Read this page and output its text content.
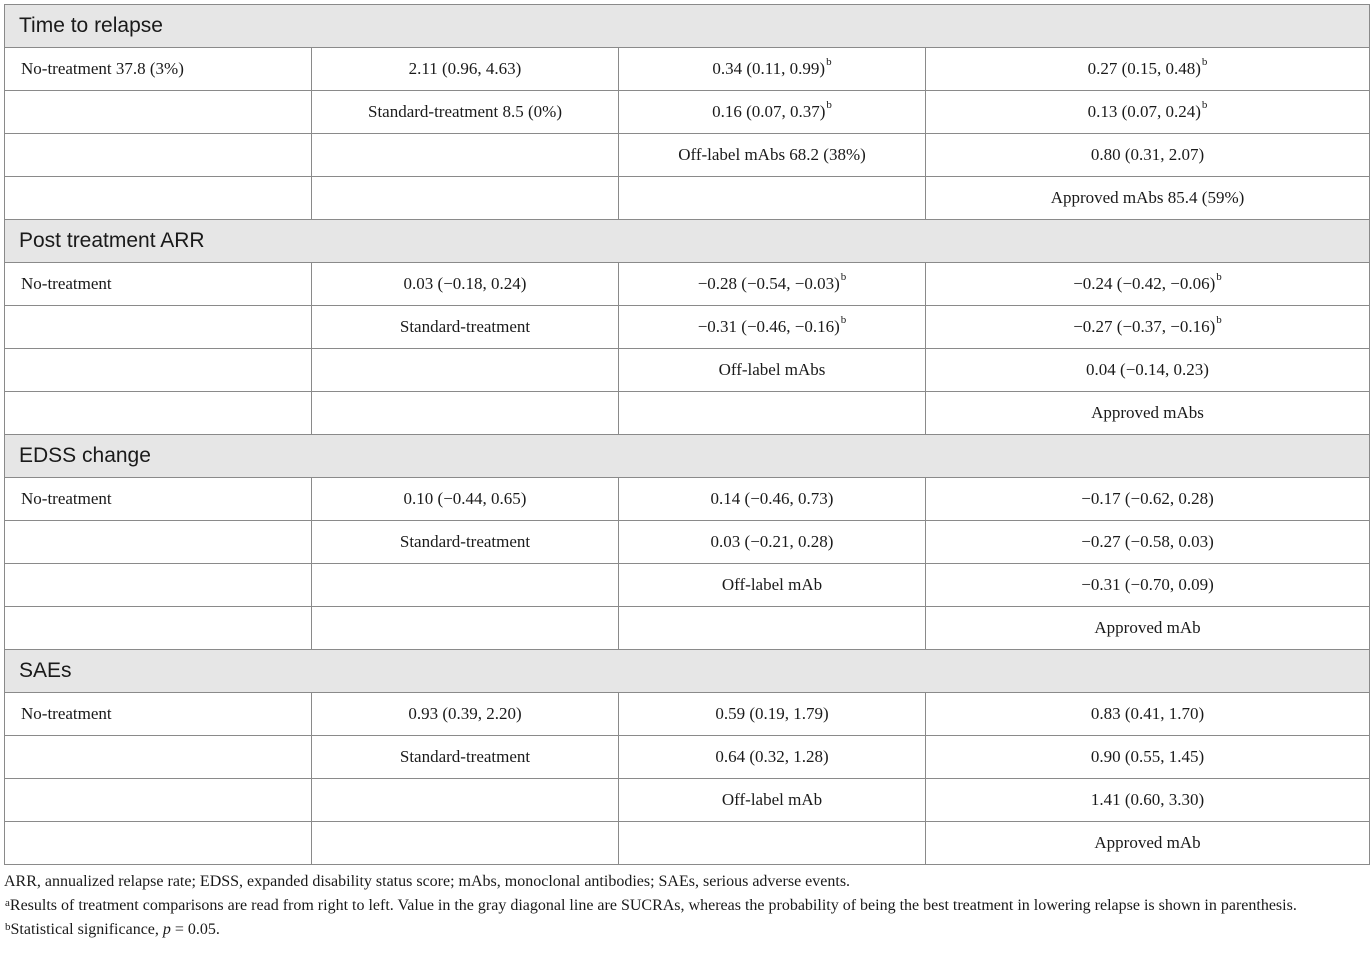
Time to relapse			
No-treatment 37.8 (3%)	2.11 (0.96, 4.63)	0.34 (0.11, 0.99)$^b$	0.27 (0.15, 0.48)$^b$
	Standard-treatment 8.5 (0%)	0.16 (0.07, 0.37)$^b$	0.13 (0.07, 0.24)$^b$
		Off-label mAbs 68.2 (38%)	0.80 (0.31, 2.07)
			Approved mAbs 85.4 (59%)
Post treatment ARR			
No-treatment	0.03 (−0.18, 0.24)	−0.28 (−0.54, −0.03)$^b$	−0.24 (−0.42, −0.06)$^b$
	Standard-treatment	−0.31 (−0.46, −0.16)$^b$	−0.27 (−0.37, −0.16)$^b$
		Off-label mAbs	0.04 (−0.14, 0.23)
			Approved mAbs
EDSS change			
No-treatment	0.10 (−0.44, 0.65)	0.14 (−0.46, 0.73)	−0.17 (−0.62, 0.28)
	Standard-treatment	0.03 (−0.21, 0.28)	−0.27 (−0.58, 0.03)
		Off-label mAb	−0.31 (−0.70, 0.09)
			Approved mAb
SAEs			
No-treatment	0.93 (0.39, 2.20)	0.59 (0.19, 1.79)	0.83 (0.41, 1.70)
	Standard-treatment	0.64 (0.32, 1.28)	0.90 (0.55, 1.45)
		Off-label mAb	1.41 (0.60, 3.30)
			Approved mAb

ARR, annualized relapse rate; EDSS, expanded disability status score; mAbs, monoclonal antibodies; SAEs, serious adverse events.

$^a$Results of treatment comparisons are read from right to left. Value in the gray diagonal line are SUCRAs, whereas the probability of being the best treatment in lowering relapse is shown in parenthesis.

$^b$Statistical significance, p = 0.05.
